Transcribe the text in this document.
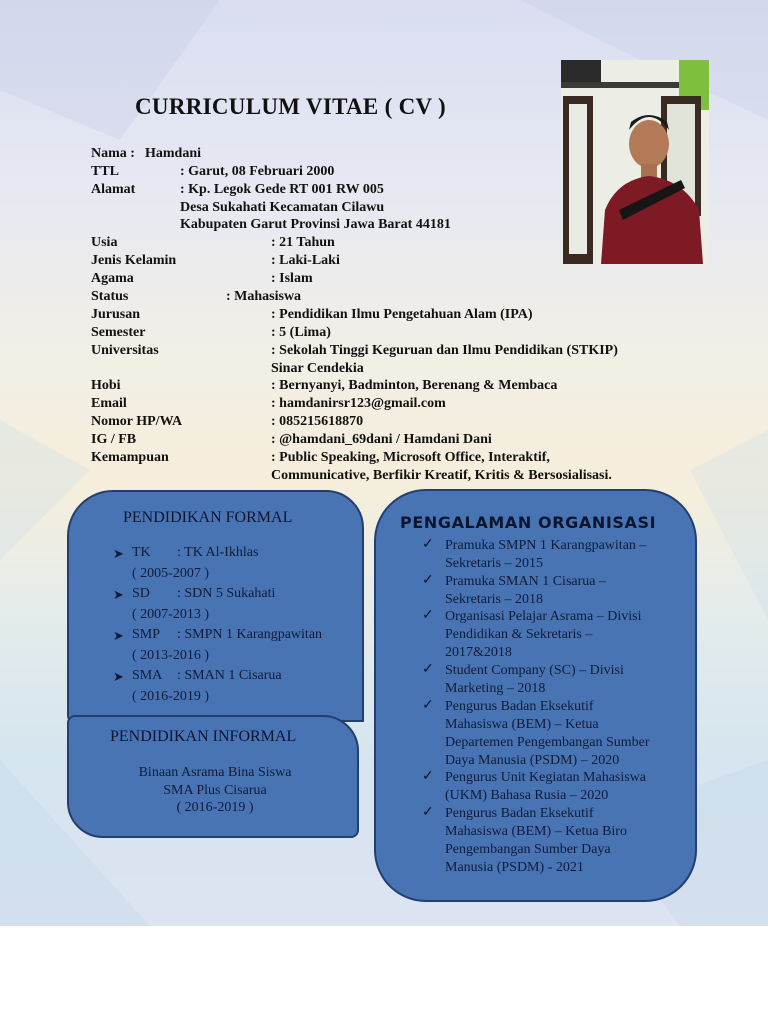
CURRICULUM VITAE ( CV )
Nama : Hamdani
TTL	: Garut, 08 Februari 2000
Alamat	: Kp. Legok Gede RT 001 RW 005
Desa Sukahati Kecamatan Cilawu
Kabupaten Garut Provinsi Jawa Barat 44181
Usia	: 21 Tahun
Jenis Kelamin	: Laki-Laki
Agama	: Islam
Status	: Mahasiswa
Jurusan	: Pendidikan Ilmu Pengetahuan Alam (IPA)
Semester	: 5 (Lima)
Universitas	: Sekolah Tinggi Keguruan dan Ilmu Pendidikan (STKIP)
Sinar Cendekia
Hobi	: Bernyanyi, Badminton, Berenang & Membaca
Email	: hamdanirsr123@gmail.com
Nomor HP/WA	: 085215618870
IG / FB	: @hamdani_69dani / Hamdani Dani
Kemampuan	: Public Speaking, Microsoft Office, Interaktif,
Communicative, Berfikir Kreatif, Kritis & Bersosialisasi.
PENDIDIKAN FORMAL
➤ TK : TK Al-Ikhlas
( 2005-2007 )
➤ SD : SDN 5 Sukahati
( 2007-2013 )
➤ SMP : SMPN 1 Karangpawitan
( 2013-2016 )
➤ SMA : SMAN 1 Cisarua
( 2016-2019 )
PENDIDIKAN INFORMAL
Binaan Asrama Bina Siswa
SMA Plus Cisarua
( 2016-2019 )
PENGALAMAN ORGANISASI
✓ Pramuka SMPN 1 Karangpawitan –
Sekretaris – 2015
✓ Pramuka SMAN 1 Cisarua –
Sekretaris – 2018
✓ Organisasi Pelajar Asrama – Divisi
Pendidikan & Sekretaris –
2017&2018
✓ Student Company (SC) – Divisi
Marketing – 2018
✓ Pengurus Badan Eksekutif
Mahasiswa (BEM) – Ketua
Departemen Pengembangan Sumber
Daya Manusia (PSDM) – 2020
✓ Pengurus Unit Kegiatan Mahasiswa
(UKM) Bahasa Rusia – 2020
✓ Pengurus Badan Eksekutif
Mahasiswa (BEM) – Ketua Biro
Pengembangan Sumber Daya
Manusia (PSDM) - 2021
